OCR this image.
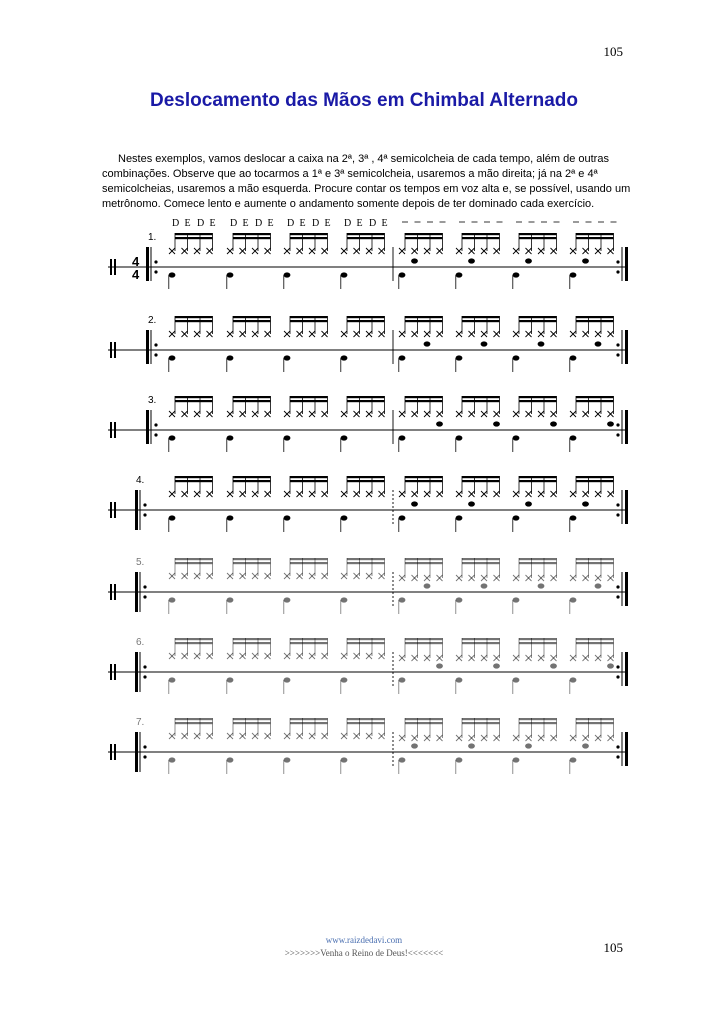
105
Deslocamento das Mãos em Chimbal Alternado

Nestes exemplos, vamos deslocar a caixa na 2ª, 3ª , 4ª semicolcheia de cada tempo, além de outras combinações. Observe que ao tocarmos a 1ª e 3ª semicolcheia, usaremos a mão direita; já na 2ª e 4ª semicolcheias, usaremos a mão esquerda. Procure contar os tempos em voz alta e, se possível, usando um metrônomo. Comece lento e aumente o andamento somente depois de ter dominado cada exercício.

D E D E D E D E D E D E D E D E
1.
4
4
2.
3.
4.
5.
6.
7.
www.raizdedavi.com
>>>>>>>Venha o Reino de Deus!<<<<<<<	105
